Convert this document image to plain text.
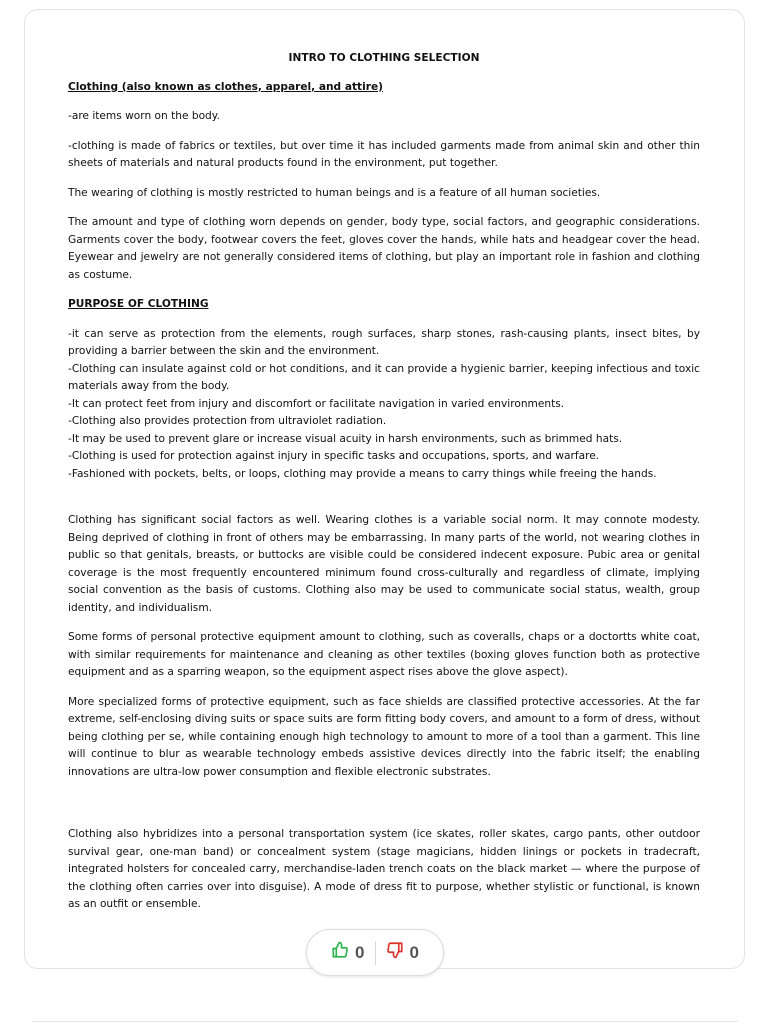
INTRO TO CLOTHING SELECTION

Clothing (also known as clothes, apparel, and attire)

-are items worn on the body.

-clothing is made of fabrics or textiles, but over time it has included garments made from animal skin and other thin sheets of materials and natural products found in the environment, put together.

The wearing of clothing is mostly restricted to human beings and is a feature of all human societies.

The amount and type of clothing worn depends on gender, body type, social factors, and geographic considerations. Garments cover the body, footwear covers the feet, gloves cover the hands, while hats and headgear cover the head. Eyewear and jewelry are not generally considered items of clothing, but play an important role in fashion and clothing as costume.

PURPOSE OF CLOTHING

-it can serve as protection from the elements, rough surfaces, sharp stones, rash-causing plants, insect bites, by providing a barrier between the skin and the environment.

-Clothing can insulate against cold or hot conditions, and it can provide a hygienic barrier, keeping infectious and toxic materials away from the body.

-It can protect feet from injury and discomfort or facilitate navigation in varied environments.

-Clothing also provides protection from ultraviolet radiation.

-It may be used to prevent glare or increase visual acuity in harsh environments, such as brimmed hats.

-Clothing is used for protection against injury in specific tasks and occupations, sports, and warfare.

-Fashioned with pockets, belts, or loops, clothing may provide a means to carry things while freeing the hands.

Clothing has significant social factors as well. Wearing clothes is a variable social norm. It may connote modesty. Being deprived of clothing in front of others may be embarrassing. In many parts of the world, not wearing clothes in public so that genitals, breasts, or buttocks are visible could be considered indecent exposure. Pubic area or genital coverage is the most frequently encountered minimum found cross-culturally and regardless of climate, implying social convention as the basis of customs. Clothing also may be used to communicate social status, wealth, group identity, and individualism.

Some forms of personal protective equipment amount to clothing, such as coveralls, chaps or a doctortts white coat, with similar requirements for maintenance and cleaning as other textiles (boxing gloves function both as protective equipment and as a sparring weapon, so the equipment aspect rises above the glove aspect).

More specialized forms of protective equipment, such as face shields are classified protective accessories. At the far extreme, self-enclosing diving suits or space suits are form fitting body covers, and amount to a form of dress, without being clothing per se, while containing enough high technology to amount to more of a tool than a garment. This line will continue to blur as wearable technology embeds assistive devices directly into the fabric itself; the enabling innovations are ultra-low power consumption and flexible electronic substrates.

Clothing also hybridizes into a personal transportation system (ice skates, roller skates, cargo pants, other outdoor survival gear, one-man band) or concealment system (stage magicians, hidden linings or pockets in tradecraft, integrated holsters for concealed carry, merchandise-laden trench coats on the black market — where the purpose of the clothing often carries over into disguise). A mode of dress fit to purpose, whether stylistic or functional, is known as an outfit or ensemble.

0	0
